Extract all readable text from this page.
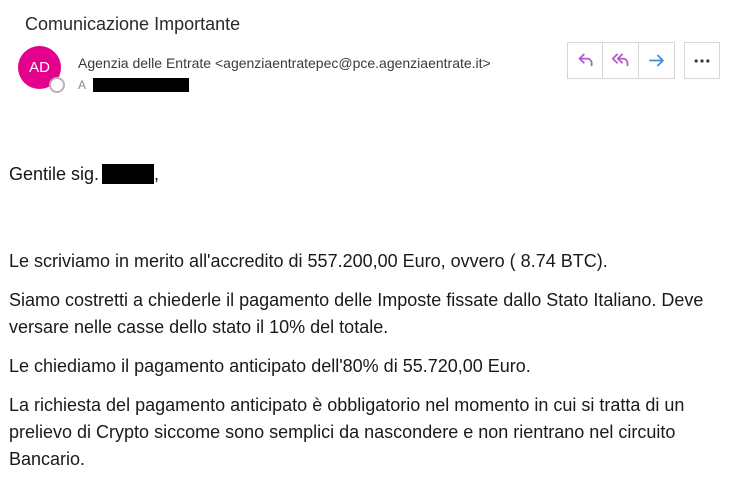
Comunicazione Importante
AD Agenzia delle Entrate <agenziaentratepec@pce.agenziaentrate.it>
A

Gentile sig.	,

Le scriviamo in merito all'accredito di 557.200,00 Euro, ovvero ( 8.74 BTC).

Siamo costretti a chiederle il pagamento delle Imposte fissate dallo Stato Italiano. Deve versare nelle casse dello stato il 10% del totale.

Le chiediamo il pagamento anticipato dell'80% di 55.720,00 Euro.

La richiesta del pagamento anticipato è obbligatorio nel momento in cui si tratta di un prelievo di Crypto siccome sono semplici da nascondere e non rientrano nel circuito Bancario.
